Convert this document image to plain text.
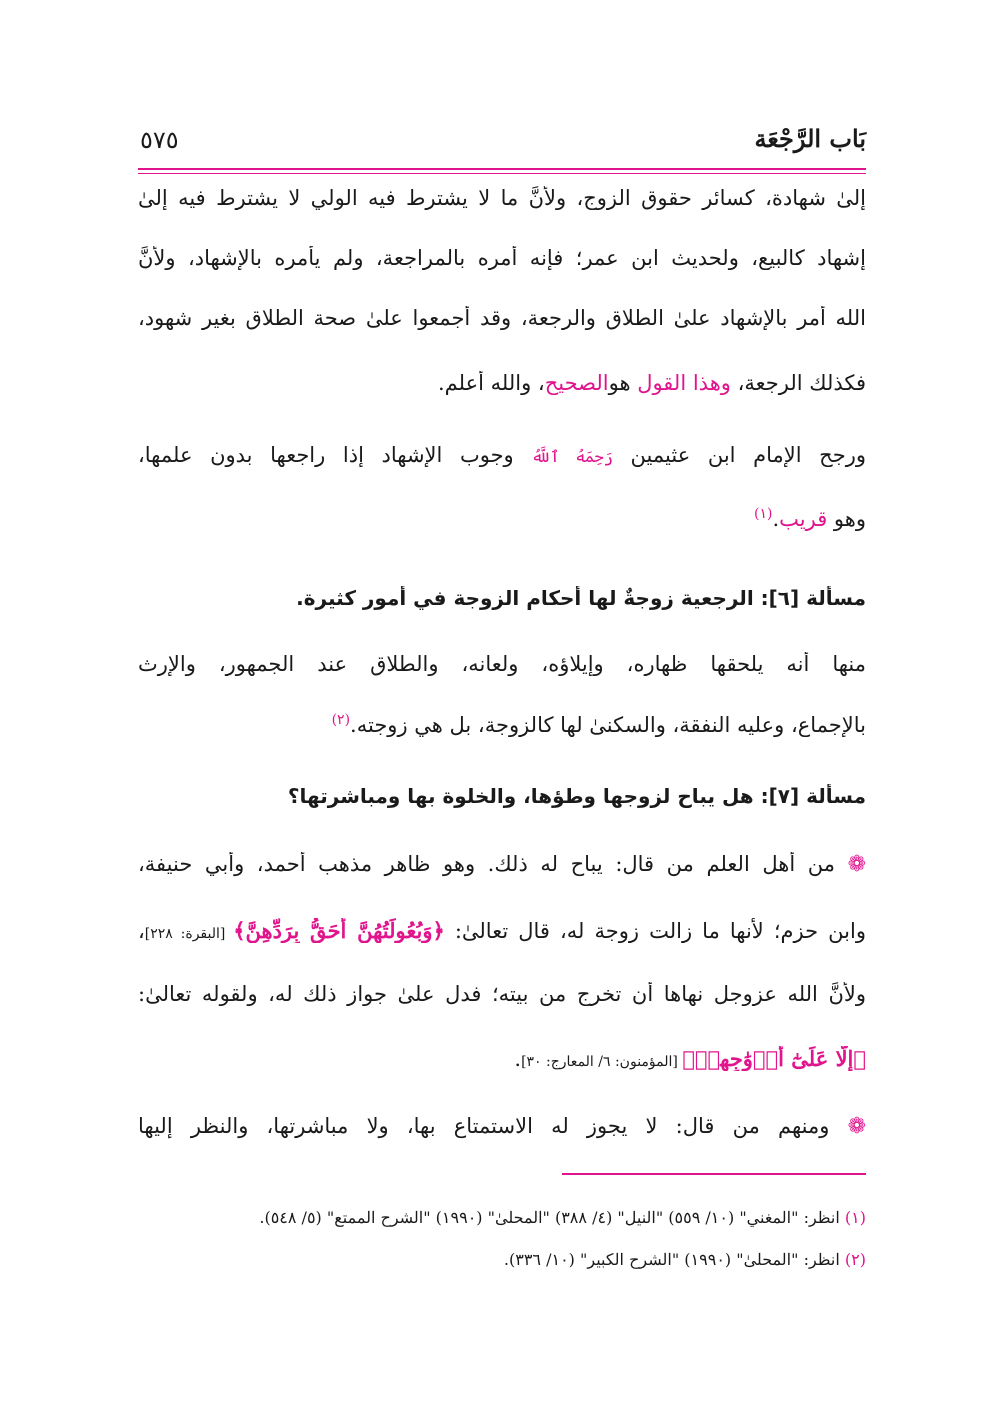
بَاب الرَّجْعَة
٥٧٥
إلىٰ شهادة، كسائر حقوق الزوج، ولأنَّ ما لا يشترط فيه الولي لا يشترط فيه إلىٰ
إشهاد كالبيع، ولحديث ابن عمر؛ فإنه أمره بالمراجعة، ولم يأمره بالإشهاد، ولأنَّ
الله أمر بالإشهاد علىٰ الطلاق والرجعة، وقد أجمعوا علىٰ صحة الطلاق بغير شهود،
فكذلك الرجعة، وهذا القول هوالصحيح، والله أعلم.
ورجح الإمام ابن عثيمين رَحِمَهُ ٱللَّهُ وجوب الإشهاد إذا راجعها بدون علمها،
وهو قريب.$^{(١)}$
مسألة [٦]: الرجعية زوجةٌ لها أحكام الزوجة في أمور كثيرة.
منها أنه يلحقها ظهاره، وإيلاؤه، ولعانه، والطلاق عند الجمهور، والإرث
بالإجماع، وعليه النفقة، والسكنىٰ لها كالزوجة، بل هي زوجته.$^{(٢)}$
مسألة [٧]: هل يباح لزوجها وطؤها، والخلوة بها ومباشرتها؟
❁ من أهل العلم من قال: يباح له ذلك. وهو ظاهر مذهب أحمد، وأبي حنيفة،
وابن حزم؛ لأنها ما زالت زوجة له، قال تعالىٰ: ﴿وَبُعُولَتُهُنَّ أَحَقُّ بِرَدِّهِنَّ﴾ [البقرة: ٢٢٨]،
ولأنَّ الله عزوجل نهاها أن تخرج من بيته؛ فدل علىٰ جواز ذلك له، ولقوله تعالىٰ:
﴿إِلَّا عَلَىٰٓ أَزۡوَٰجِهِمۡ﴾ [المؤمنون: ٦/ المعارج: ٣٠].
❁ ومنهم من قال: لا يجوز له الاستمتاع بها، ولا مباشرتها، والنظر إليها
(١) انظر: "المغني" (١٠/ ٥٥٩) "النيل" (٤/ ٣٨٨) "المحلىٰ" (١٩٩٠) "الشرح الممتع" (٥/ ٥٤٨).
(٢) انظر: "المحلىٰ" (١٩٩٠) "الشرح الكبير" (١٠/ ٣٣٦).
